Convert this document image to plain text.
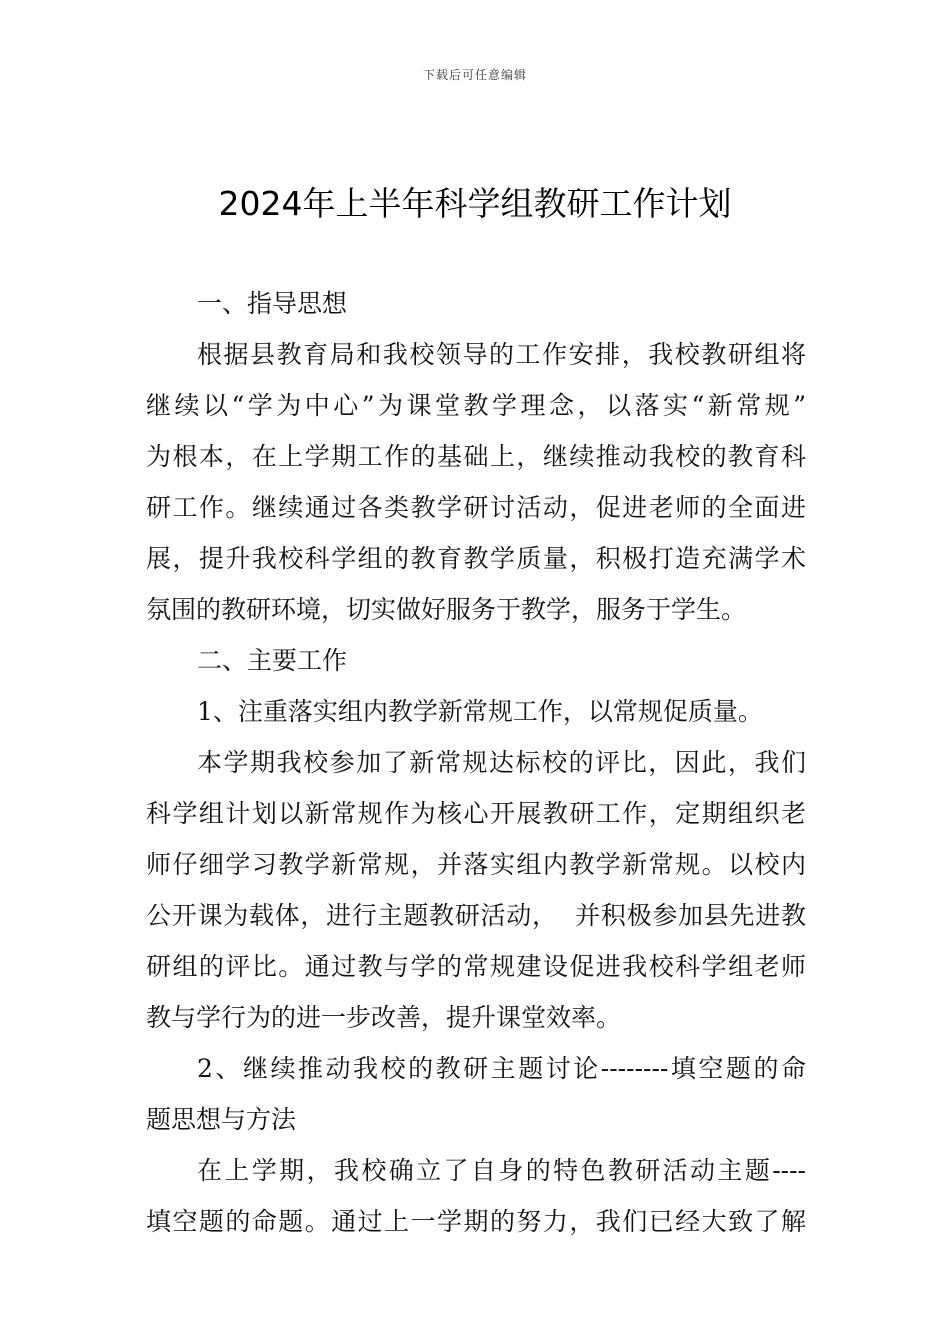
下载后可任意编辑
2024年上半年科学组教研工作计划
一、指导思想
根据县教育局和我校领导的工作安排，我校教研组将
继续以“学为中心”为课堂教学理念，以落实“新常规”
为根本，在上学期工作的基础上，继续推动我校的教育科
研工作。继续通过各类教学研讨活动，促进老师的全面进
展，提升我校科学组的教育教学质量，积极打造充满学术
氛围的教研环境，切实做好服务于教学，服务于学生。
二、主要工作
1、注重落实组内教学新常规工作，以常规促质量。
本学期我校参加了新常规达标校的评比，因此，我们
科学组计划以新常规作为核心开展教研工作，定期组织老
师仔细学习教学新常规，并落实组内教学新常规。以校内
公开课为载体，进行主题教研活动，  并积极参加县先进教
研组的评比。通过教与学的常规建设促进我校科学组老师
教与学行为的进一步改善，提升课堂效率。
2、继续推动我校的教研主题讨论--------填空题的命
题思想与方法
在上学期，我校确立了自身的特色教研活动主题----
填空题的命题。通过上一学期的努力，我们已经大致了解
